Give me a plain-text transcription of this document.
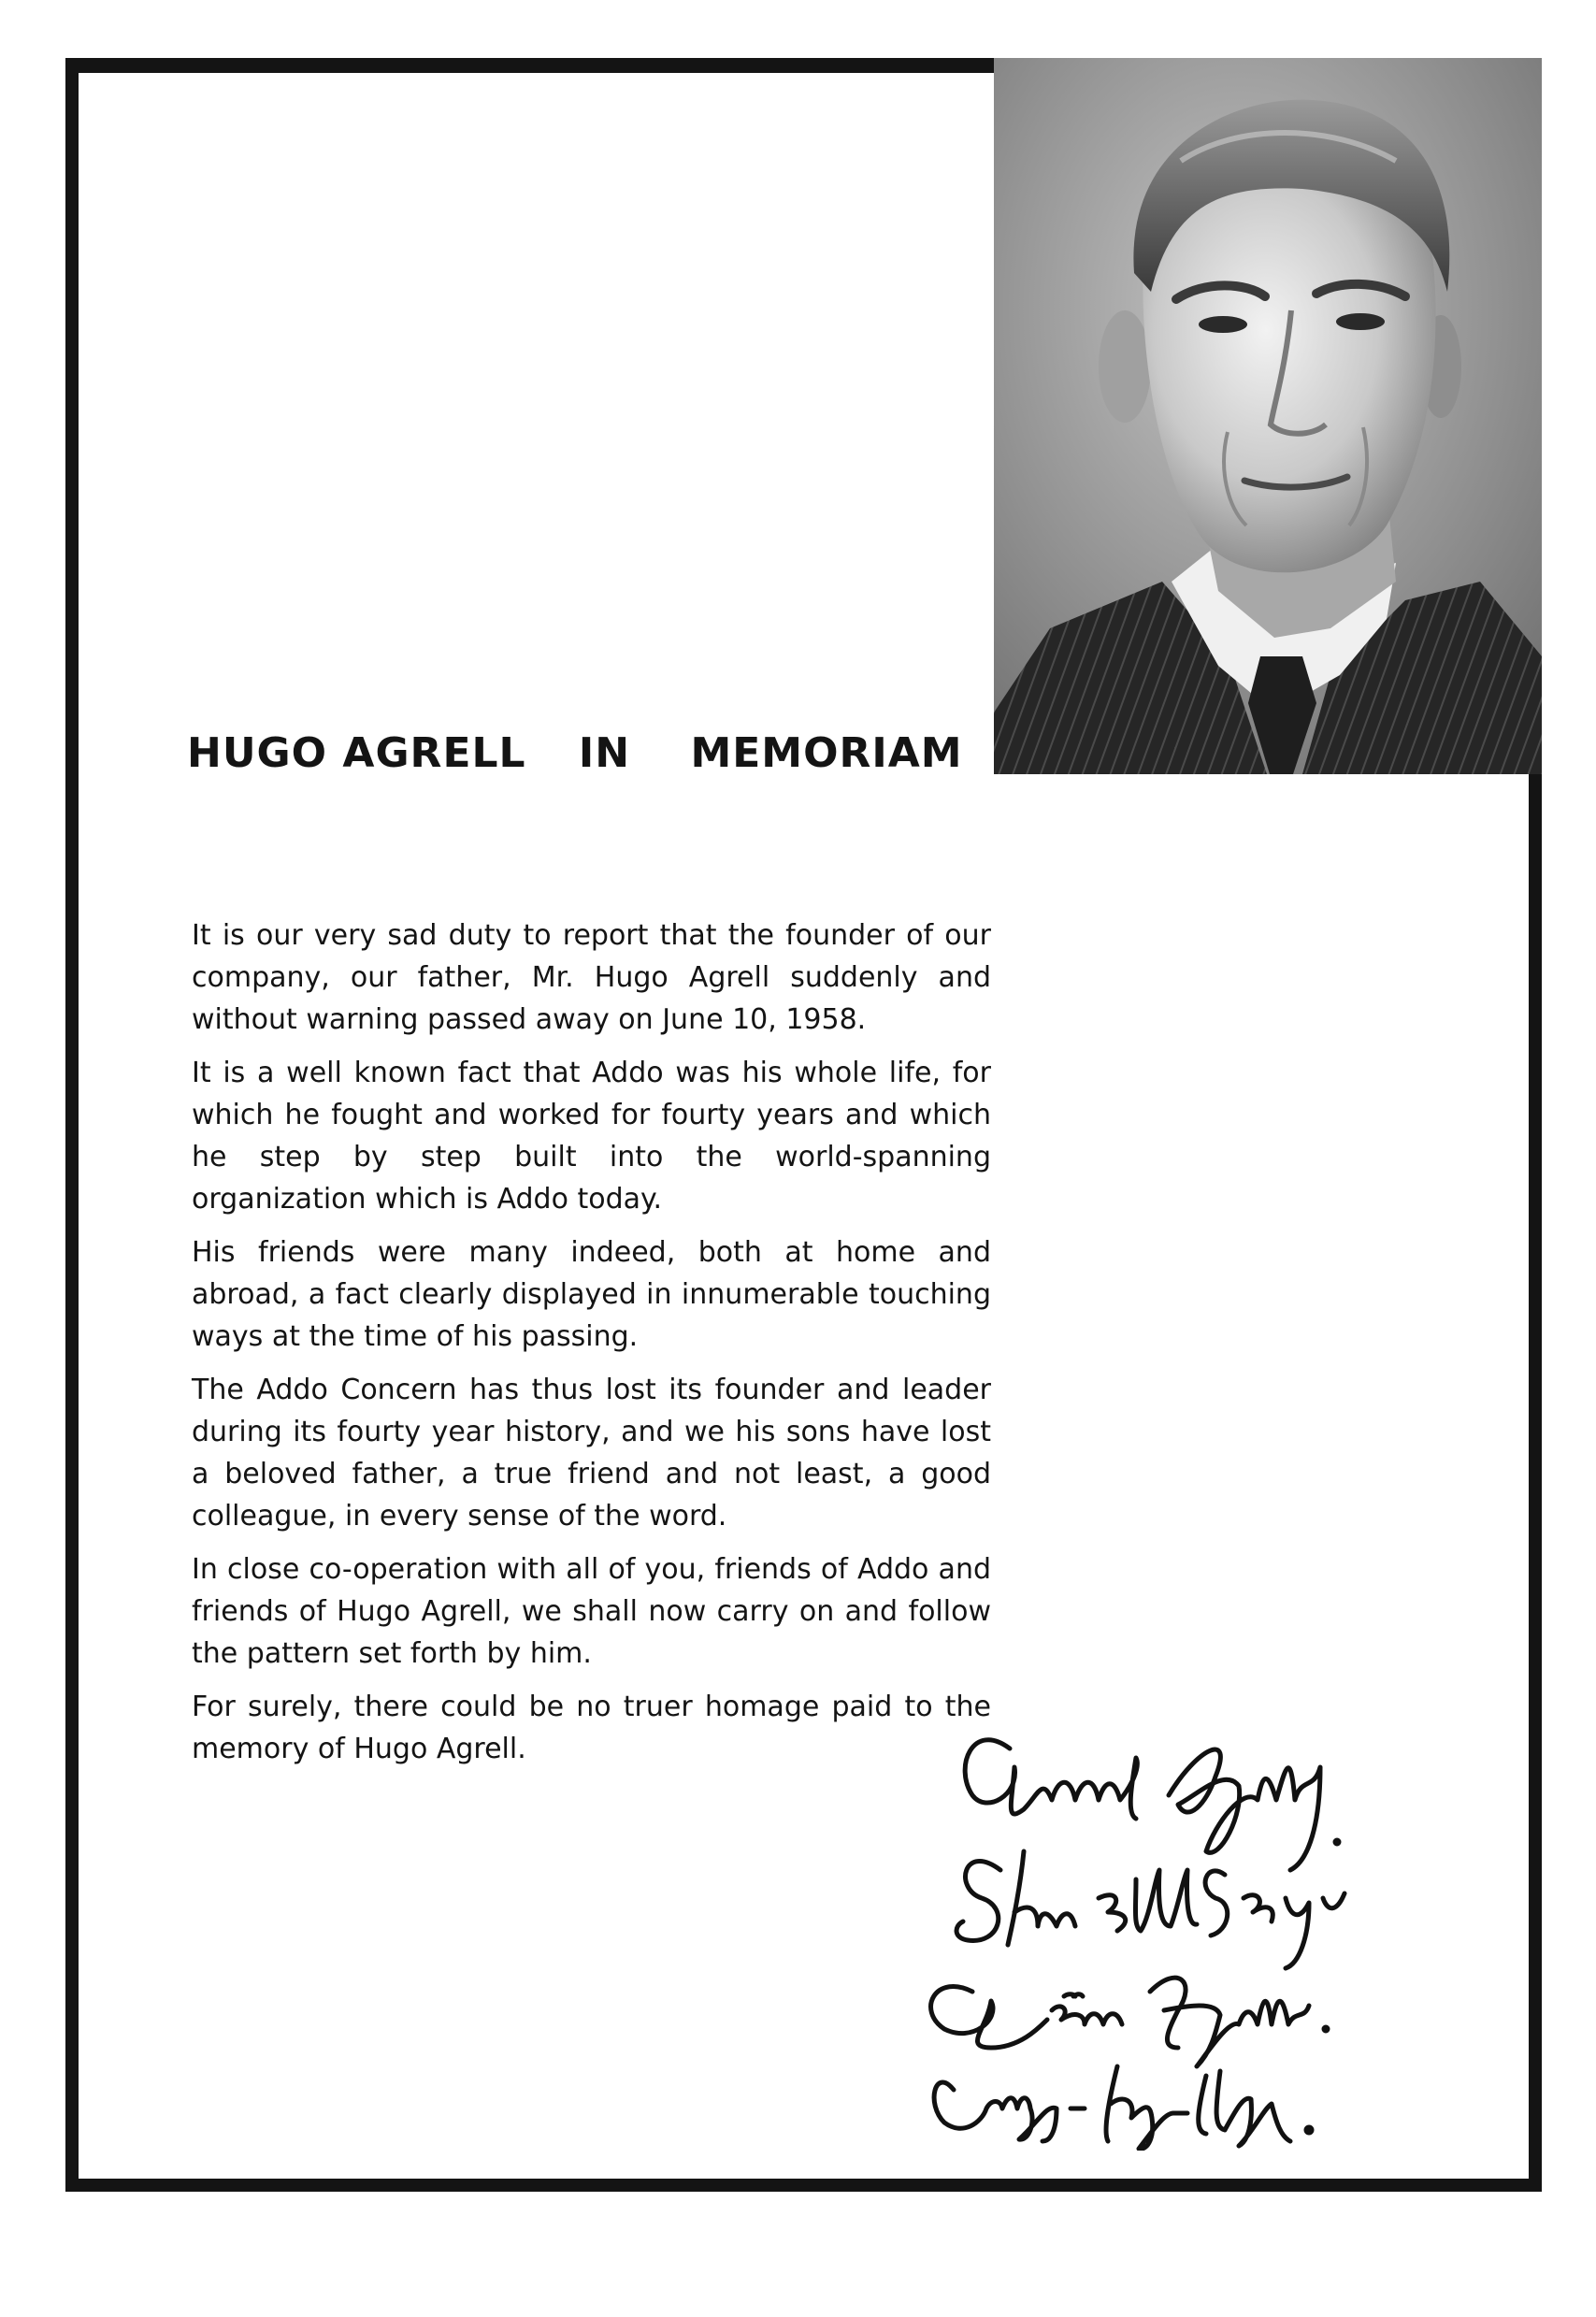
HUGO AGRELL IN MEMORIAM

It is our very sad duty to report that the founder of our company, our father, Mr. Hugo Agrell suddenly and without warning passed away on June 10, 1958.

It is a well known fact that Addo was his whole life, for which he fought and worked for fourty years and which he step by step built into the world-spanning organization which is Addo today.

His friends were many indeed, both at home and abroad, a fact clearly displayed in innumerable touching ways at the time of his passing.

The Addo Concern has thus lost its founder and leader during its fourty year history, and we his sons have lost a beloved father, a true friend and not least, a good colleague, in every sense of the word.

In close co-operation with all of you, friends of Addo and friends of Hugo Agrell, we shall now carry on and follow the pattern set forth by him.

For surely, there could be no truer homage paid to the memory of Hugo Agrell.
